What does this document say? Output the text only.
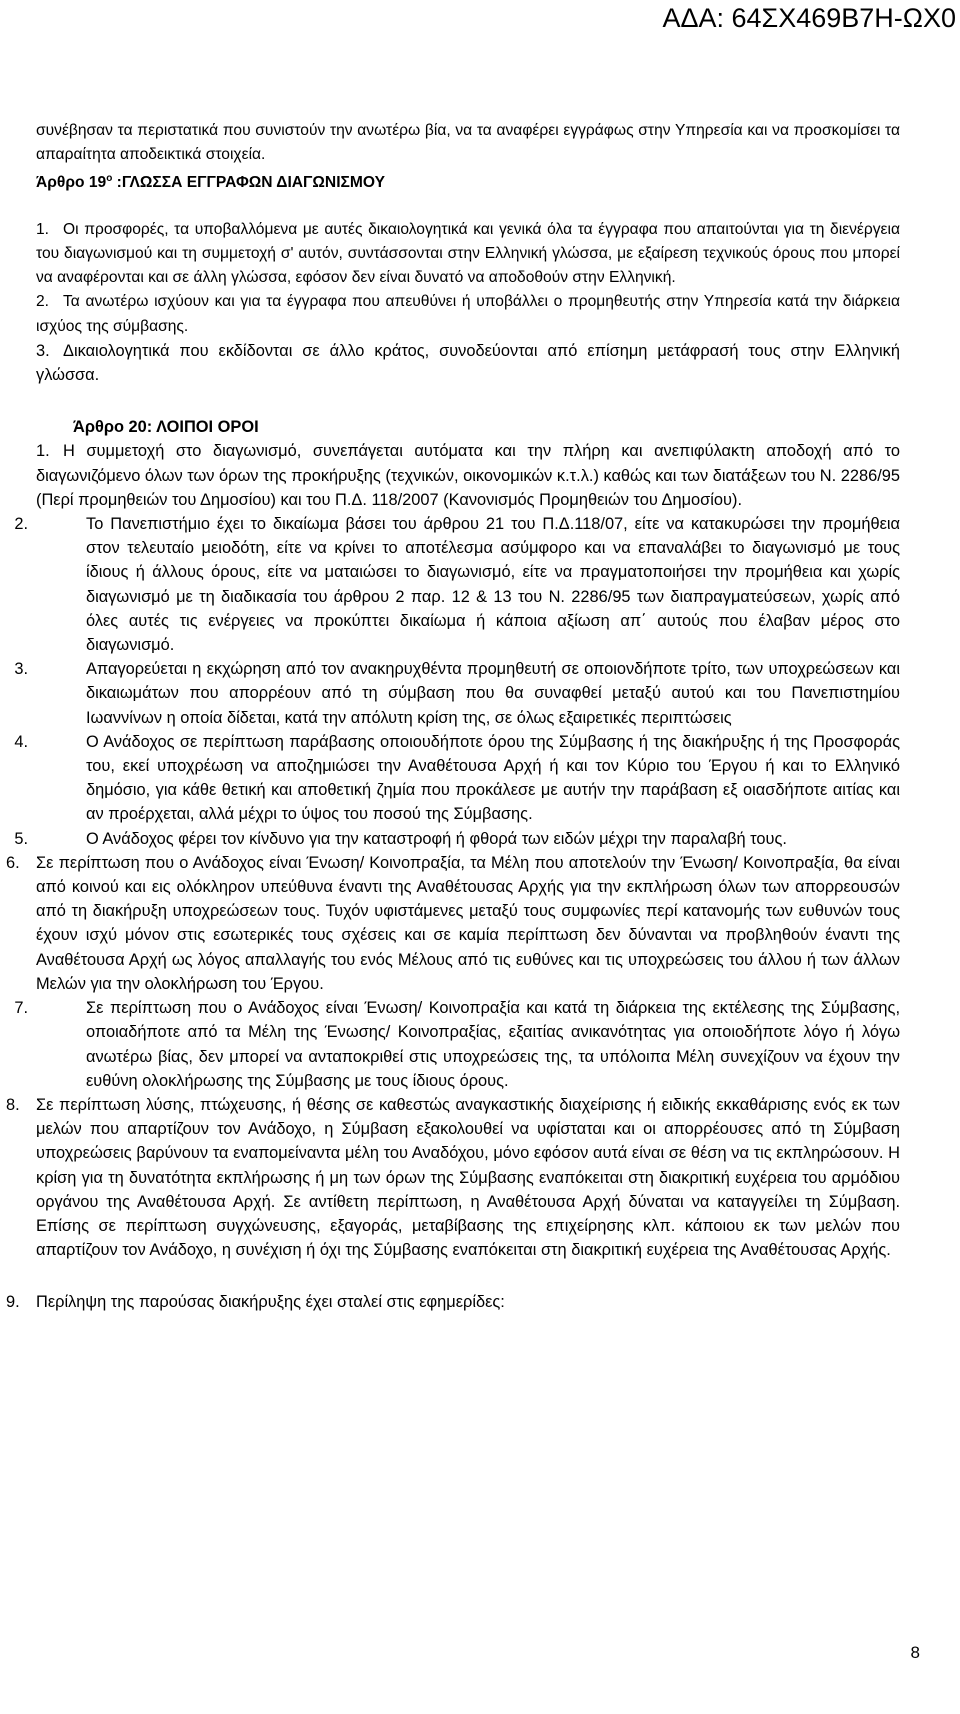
ΑΔΑ: 64ΣΧ469Β7Η-ΩΧ0

συνέβησαν τα περιστατικά που συνιστούν την ανωτέρω βία, να τα αναφέρει εγγράφως στην Υπηρεσία και να προσκομίσει τα απαραίτητα αποδεικτικά στοιχεία.

Άρθρο $19^o$ :ΓΛΩΣΣΑ ΕΓΓΡΑΦΩΝ ΔΙΑΓΩΝΙΣΜΟΥ

1. Οι προσφορές, τα υποβαλλόμενα με αυτές δικαιολογητικά και γενικά όλα τα έγγραφα που απαιτούνται για τη διενέργεια του διαγωνισμού και τη συμμετοχή σ' αυτόν, συντάσσονται στην Ελληνική γλώσσα, με εξαίρεση τεχνικούς όρους που μπορεί να αναφέρονται και σε άλλη γλώσσα, εφόσον δεν είναι δυνατό να αποδοθούν στην Ελληνική.

2. Τα ανωτέρω ισχύουν και για τα έγγραφα που απευθύνει ή υποβάλλει ο προμηθευτής στην Υπηρεσία κατά την διάρκεια ισχύος της σύμβασης.

3. Δικαιολογητικά που εκδίδονται σε άλλο κράτος, συνοδεύονται από επίσημη μετάφρασή τους στην Ελληνική γλώσσα.

Άρθρο 20: ΛΟΙΠΟΙ ΟΡΟΙ

1. Η συμμετοχή στο διαγωνισμό, συνεπάγεται αυτόματα και την πλήρη και ανεπιφύλακτη αποδοχή από το διαγωνιζόμενο όλων των όρων της προκήρυξης (τεχνικών, οικονομικών κ.τ.λ.) καθώς και των διατάξεων του Ν. 2286/95 (Περί προμηθειών του Δημοσίου) και του Π.Δ. 118/2007 (Κανονισμός Προμηθειών του Δημοσίου).

2.	Το Πανεπιστήμιο έχει το δικαίωμα βάσει του άρθρου 21 του Π.Δ.118/07, είτε να κατακυρώσει την προμήθεια στον τελευταίο μειοδότη, είτε να κρίνει το αποτέλεσμα ασύμφορο και να επαναλάβει το διαγωνισμό με τους ίδιους ή άλλους όρους, είτε να ματαιώσει το διαγωνισμό, είτε να πραγματοποιήσει την προμήθεια και χωρίς διαγωνισμό με τη διαδικασία του άρθρου 2 παρ. 12 & 13 του Ν. 2286/95 των διαπραγματεύσεων, χωρίς από όλες αυτές τις ενέργειες να προκύπτει δικαίωμα ή κάποια αξίωση απ΄ αυτούς που έλαβαν μέρος στο διαγωνισμό.

3.	Απαγορεύεται η εκχώρηση από τον ανακηρυχθέντα προμηθευτή σε οποιονδήποτε τρίτο, των υποχρεώσεων και δικαιωμάτων που απορρέουν από τη σύμβαση που θα συναφθεί μεταξύ αυτού και του Πανεπιστημίου Ιωαννίνων η οποία δίδεται, κατά την απόλυτη κρίση της, σε όλως εξαιρετικές περιπτώσεις

4.	Ο Ανάδοχος σε περίπτωση παράβασης οποιουδήποτε όρου της Σύμβασης ή της διακήρυξης ή της Προσφοράς του, εκεί υποχρέωση να αποζημιώσει την Αναθέτουσα Αρχή ή και τον Κύριο του Έργου ή και το Ελληνικό δημόσιο, για κάθε θετική και αποθετική ζημία που προκάλεσε με αυτήν την παράβαση εξ οιασδήποτε αιτίας και αν προέρχεται, αλλά μέχρι το ύψος του ποσού της Σύμβασης.

5.	Ο Ανάδοχος φέρει τον κίνδυνο για την καταστροφή ή φθορά των ειδών μέχρι την παραλαβή τους.

6. Σε περίπτωση που ο Ανάδοχος είναι Ένωση/ Κοινοπραξία, τα Μέλη που αποτελούν την Ένωση/ Κοινοπραξία, θα είναι από κοινού και εις ολόκληρον υπεύθυνα έναντι της Αναθέτουσας Αρχής για την εκπλήρωση όλων των απορρεουσών από τη διακήρυξη υποχρεώσεων τους. Τυχόν υφιστάμενες μεταξύ τους συμφωνίες περί κατανομής των ευθυνών τους έχουν ισχύ μόνον στις εσωτερικές τους σχέσεις και σε καμία περίπτωση δεν δύνανται να προβληθούν έναντι της Αναθέτουσα Αρχή ως λόγος απαλλαγής του ενός Μέλους από τις ευθύνες και τις υποχρεώσεις του άλλου ή των άλλων Μελών για την ολοκλήρωση του Έργου.

7.	Σε περίπτωση που ο Ανάδοχος είναι Ένωση/ Κοινοπραξία και κατά τη διάρκεια της εκτέλεσης της Σύμβασης, οποιαδήποτε από τα Μέλη της Ένωσης/ Κοινοπραξίας, εξαιτίας ανικανότητας για οποιοδήποτε λόγο ή λόγω ανωτέρω βίας, δεν μπορεί να ανταποκριθεί στις υποχρεώσεις της, τα υπόλοιπα Μέλη συνεχίζουν να έχουν την ευθύνη ολοκλήρωσης της Σύμβασης με τους ίδιους όρους.

8. Σε περίπτωση λύσης, πτώχευσης, ή θέσης σε καθεστώς αναγκαστικής διαχείρισης ή ειδικής εκκαθάρισης ενός εκ των μελών που απαρτίζουν τον Ανάδοχο, η Σύμβαση εξακολουθεί να υφίσταται και οι απορρέουσες από τη Σύμβαση υποχρεώσεις βαρύνουν τα εναπομείναντα μέλη του Αναδόχου, μόνο εφόσον αυτά είναι σε θέση να τις εκπληρώσουν. Η κρίση για τη δυνατότητα εκπλήρωσης ή μη των όρων της Σύμβασης εναπόκειται στη διακριτική ευχέρεια του αρμόδιου οργάνου της Αναθέτουσα Αρχή. Σε αντίθετη περίπτωση, η Αναθέτουσα Αρχή δύναται να καταγγείλει τη Σύμβαση. Επίσης σε περίπτωση συγχώνευσης, εξαγοράς, μεταβίβασης της επιχείρησης κλπ. κάποιου εκ των μελών που απαρτίζουν τον Ανάδοχο, η συνέχιση ή όχι της Σύμβασης εναπόκειται στη διακριτική ευχέρεια της Αναθέτουσας Αρχής.

9. Περίληψη της παρούσας διακήρυξης έχει σταλεί στις εφημερίδες:

8
